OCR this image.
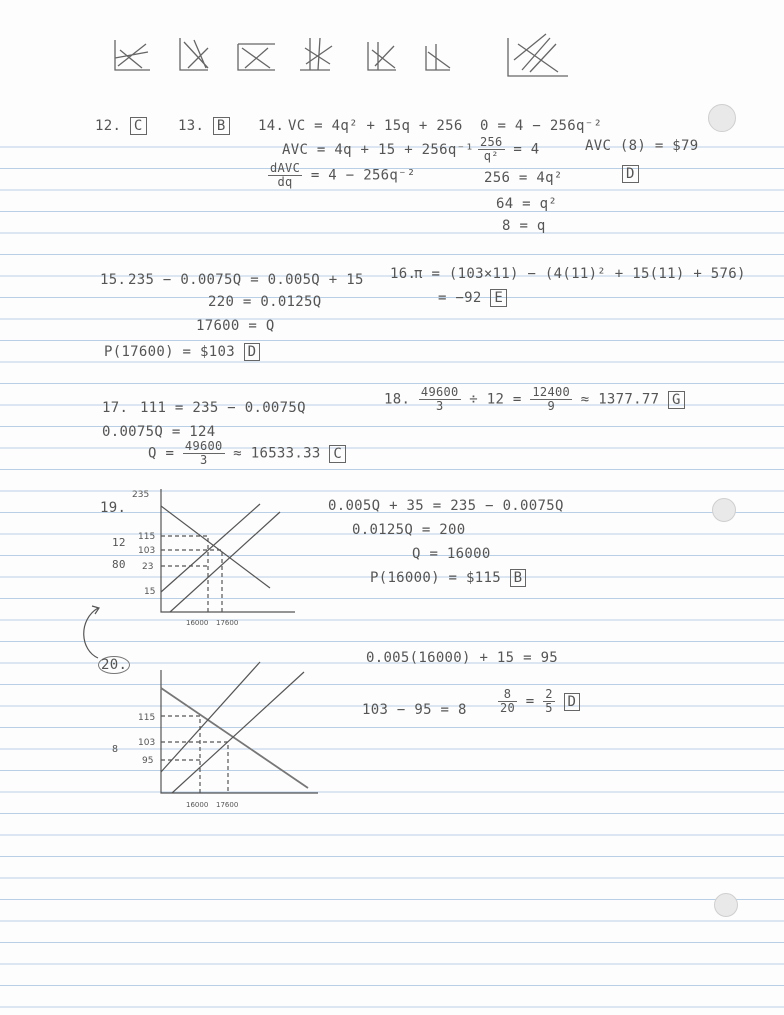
⊭ ⋉ ⋈ ⋉ ⋈ ⋉ ⋉
12. C	13. B 14. VC = 4q² + 15q + 256
AVC = 4q + 15 + 256q⁻¹
$\frac{\text{dAVC}}{dq} = 4 - 256q^{-2}$
0 = 4 − 256q⁻²
$\frac{256}{\text{q²}} = 4$	AVC (8) = $79
256 = 4q²	D
64 = q²
8 = q
15. 235 − 0.0075Q = 0.005Q + 15
220 = 0.0125Q
17600 = Q
P(17600) = $103 D
16.
π = (103×11) − (4(11)² + 15(11) + 576)
= −92 E
17. 111 = 235 − 0.0075Q
0.0075Q = 124
$Q = \frac{49600}{3} \approx 16533.33$ C
18. $\frac{49600}{3} \div 12 = \frac{12400}{9} \approx 1377.77$ G
19.
12
80
0.005Q + 35 = 235 − 0.0075Q
0.0125Q = 200
Q = 16000
P(16000) = $115 B
235
115
103
23
15
16000 17600
20.
8
0.005(16000) + 15 = 95
103 − 95 = 8	$\frac{8}{20} = \frac{2}{5}$ D
115
103
95
16000 17600
